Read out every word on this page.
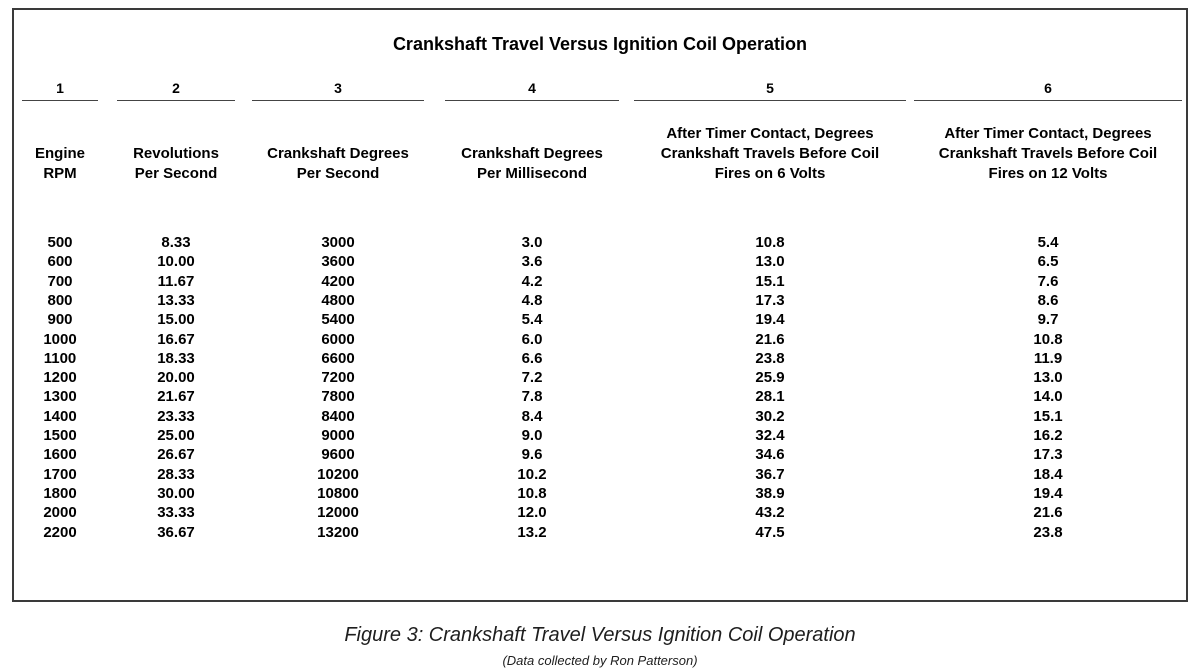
Crankshaft Travel Versus Ignition Coil Operation
1
Engine
RPM
2
Revolutions
Per Second
3
Crankshaft Degrees
Per Second
4
Crankshaft Degrees
Per Millisecond
5
After Timer Contact, Degrees
Crankshaft Travels Before Coil
Fires on 6 Volts
6
After Timer Contact, Degrees
Crankshaft Travels Before Coil
Fires on 12 Volts
500	8.33	3000	3.0	10.8	5.4
600	10.00	3600	3.6	13.0	6.5
700	11.67	4200	4.2	15.1	7.6
800	13.33	4800	4.8	17.3	8.6
900	15.00	5400	5.4	19.4	9.7
1000	16.67	6000	6.0	21.6	10.8
1100	18.33	6600	6.6	23.8	11.9
1200	20.00	7200	7.2	25.9	13.0
1300	21.67	7800	7.8	28.1	14.0
1400	23.33	8400	8.4	30.2	15.1
1500	25.00	9000	9.0	32.4	16.2
1600	26.67	9600	9.6	34.6	17.3
1700	28.33	10200	10.2	36.7	18.4
1800	30.00	10800	10.8	38.9	19.4
2000	33.33	12000	12.0	43.2	21.6
2200	36.67	13200	13.2	47.5	23.8
Figure 3: Crankshaft Travel Versus Ignition Coil Operation
(Data collected by Ron Patterson)
